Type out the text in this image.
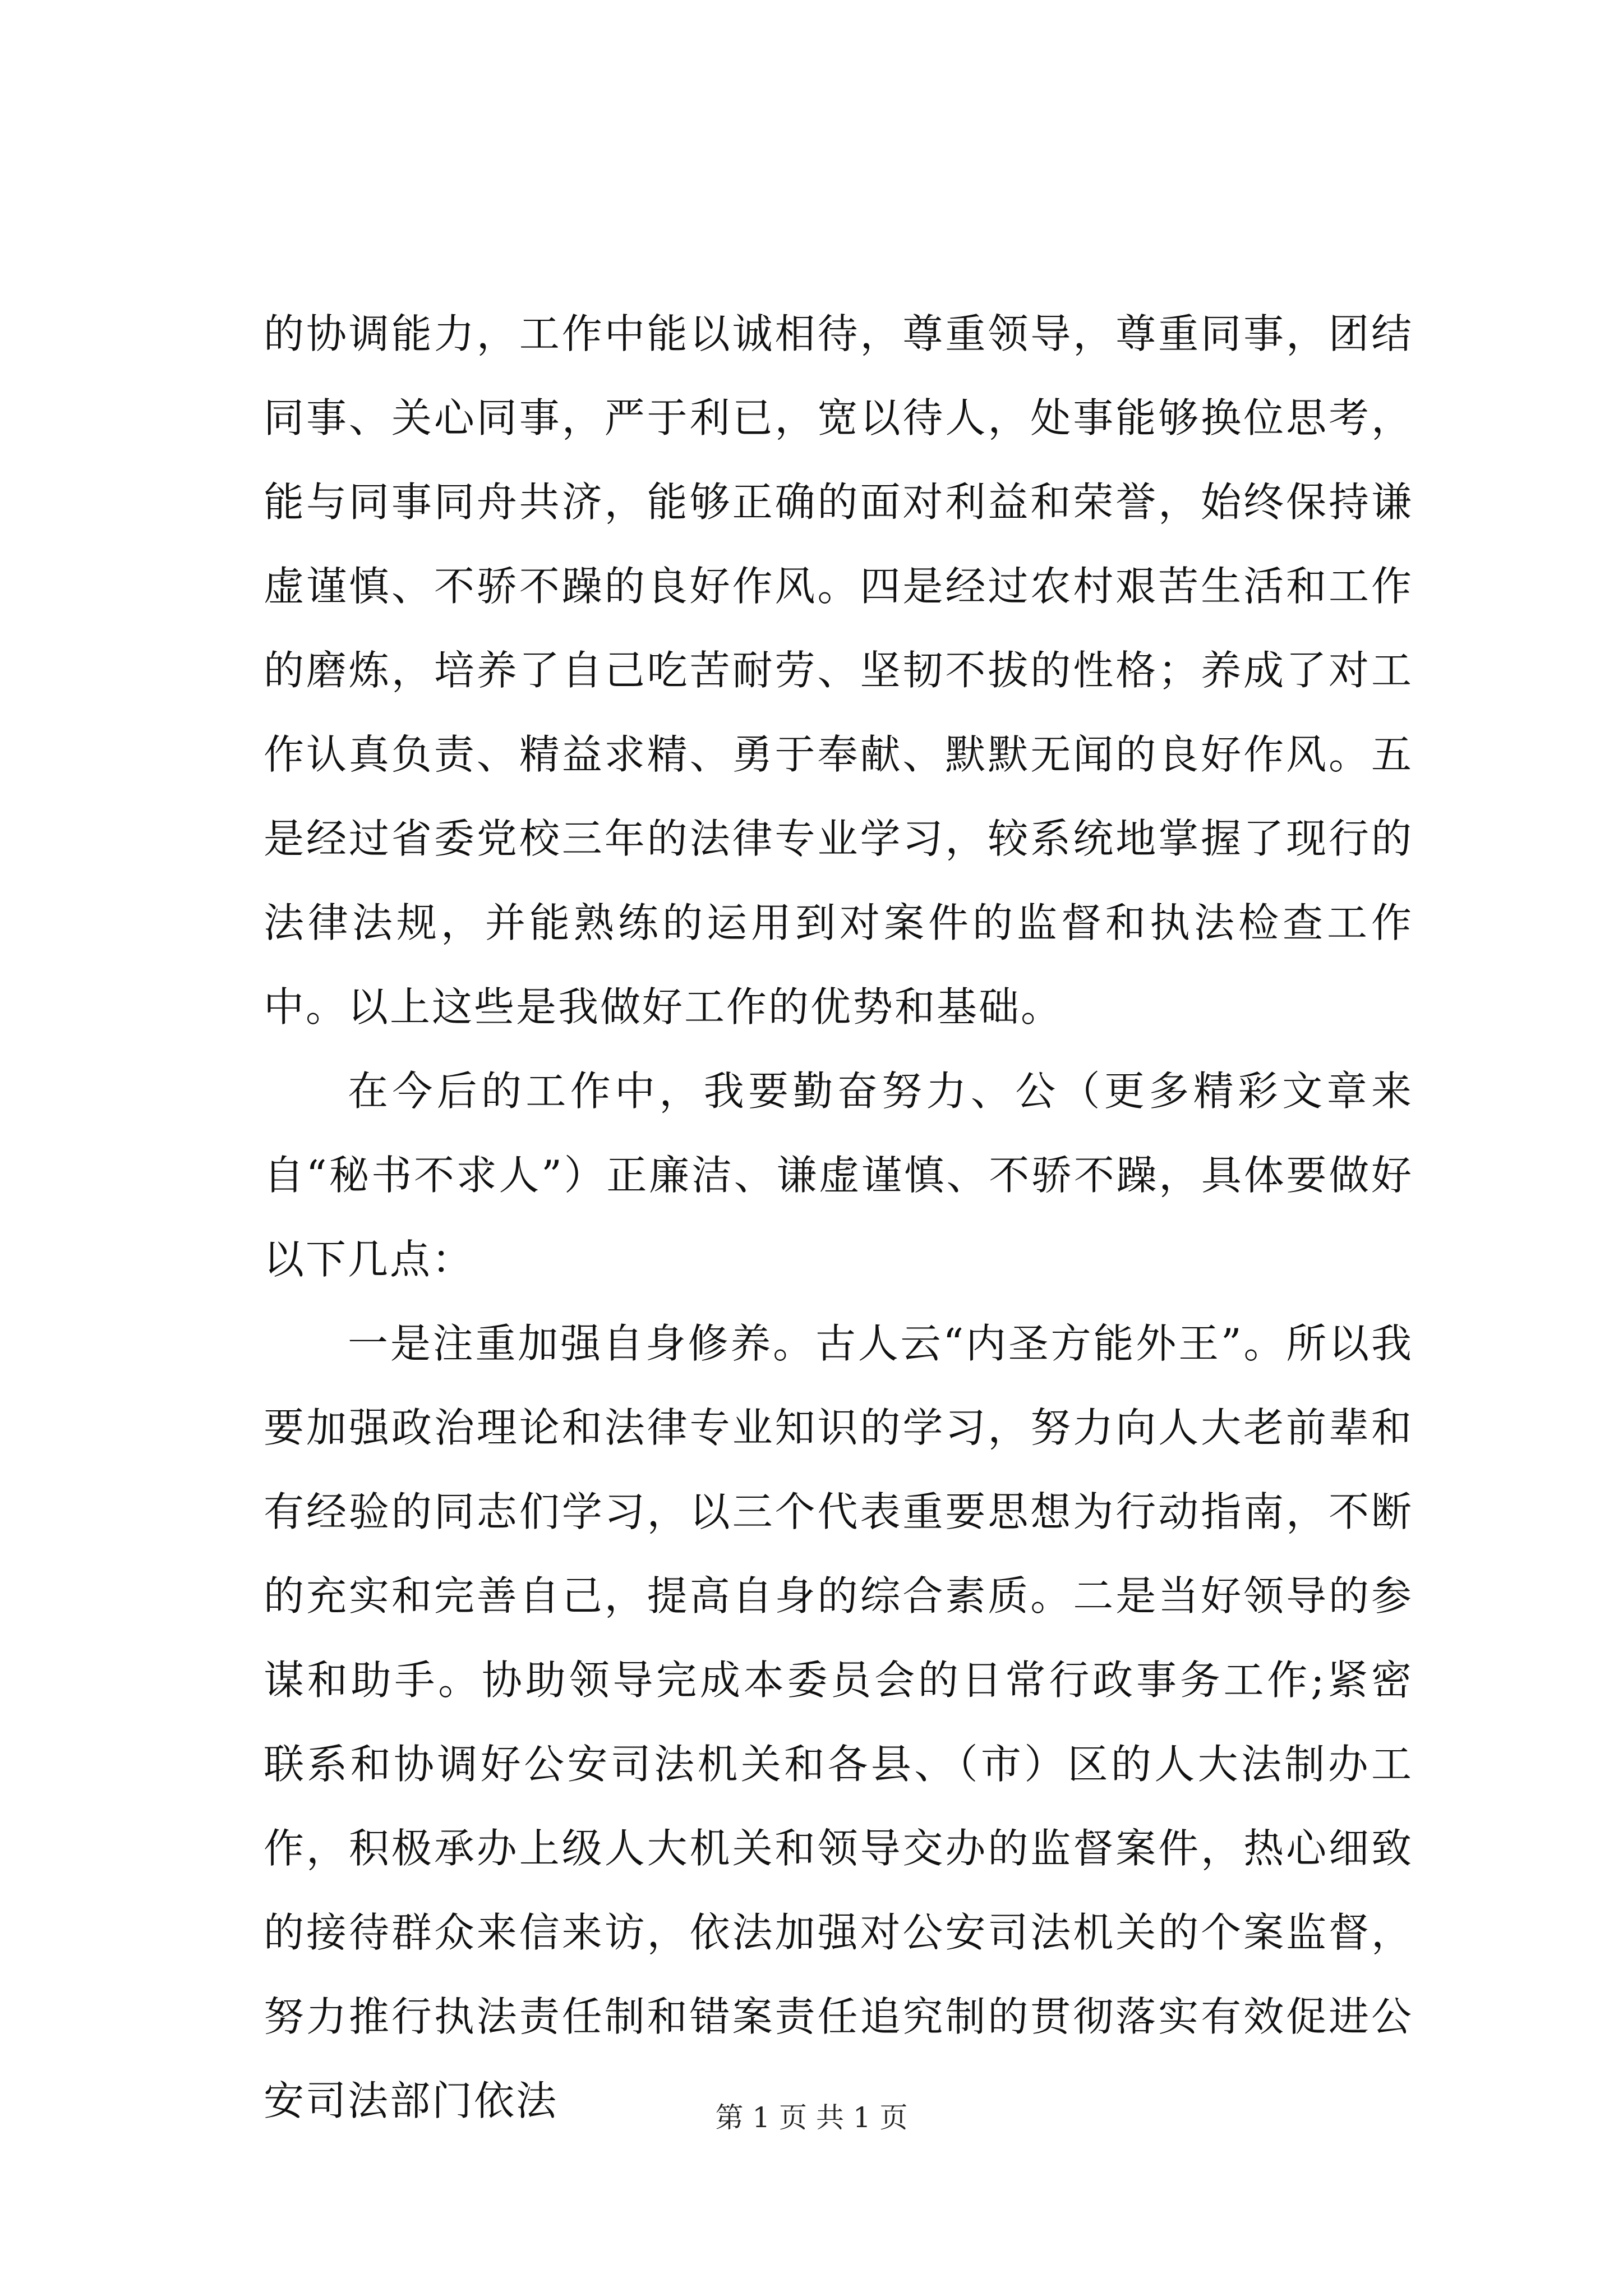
的协调能力，工作中能以诚相待，尊重领导，尊重同事，团结同事、关心同事，严于利已，宽以待人，处事能够换位思考，能与同事同舟共济，能够正确的面对利益和荣誉，始终保持谦虚谨慎、不骄不躁的良好作风。四是经过农村艰苦生活和工作的磨炼，培养了自己吃苦耐劳、坚韧不拔的性格；养成了对工作认真负责、精益求精、勇于奉献、默默无闻的良好作风。五是经过省委党校三年的法律专业学习，较系统地掌握了现行的法律法规，并能熟练的运用到对案件的监督和执法检查工作中。以上这些是我做好工作的优势和基础。

在今后的工作中，我要勤奋努力、公（更多精彩文章来自“秘书不求人”）正廉洁、谦虚谨慎、不骄不躁，具体要做好以下几点：

一是注重加强自身修养。古人云“内圣方能外王”。所以我要加强政治理论和法律专业知识的学习，努力向人大老前辈和有经验的同志们学习，以三个代表重要思想为行动指南，不断的充实和完善自己，提高自身的综合素质。二是当好领导的参谋和助手。协助领导完成本委员会的日常行政事务工作;紧密联系和协调好公安司法机关和各县、（市）区的人大法制办工作，积极承办上级人大机关和领导交办的监督案件，热心细致的接待群众来信来访，依法加强对公安司法机关的个案监督，努力推行执法责任制和错案责任追究制的贯彻落实有效促进公安司法部门依法	第 1 页 共 1 页
